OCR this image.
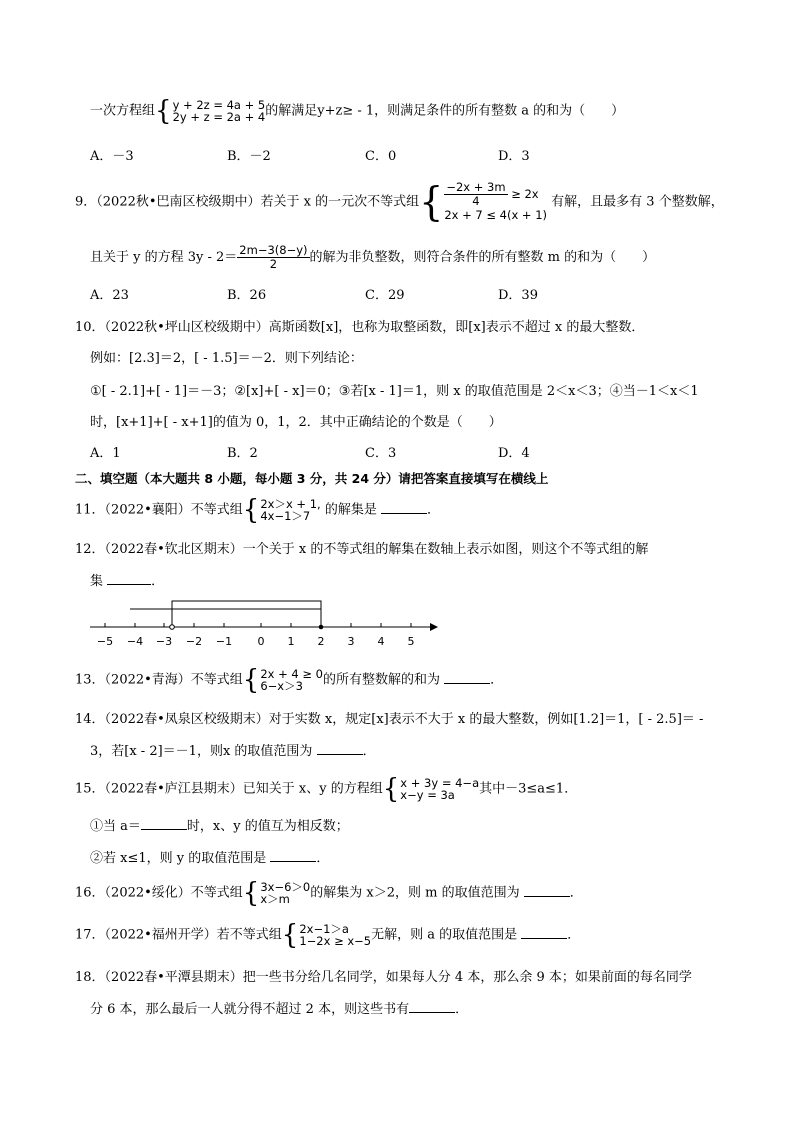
一次方程组 { y + 2z = 4a + 5
2y + z = 2a + 4 的解满足y+z≥ - 1，则满足条件的所有整数 a 的和为（　　）
A．－3	B．－2	C．0	D．3
9．（2022秋•巴南区校级期中）若关于 x 的一元次不等式组 { $\frac{-2x + 3m}{4} \ge 2x$
2x + 7 ≤ 4(x + 1)
有解，且最多有 3 个整数解，
且关于 y 的方程 $3y - 2= \frac{2m-3(8-y)}{2}$ 的解为非负整数，则符合条件的所有整数 m 的和为（　　）
A．23	B．26	C．29	D．39
10．（2022秋•坪山区校级期中）高斯函数[x]，也称为取整函数，即[x]表示不超过 x 的最大整数．
例如：[2.3]＝2，[ - 1.5]＝－2．则下列结论：
①[ - 2.1]+[ - 1]＝－3；②[x]+[ - x]＝0；③若[x - 1]＝1，则 x 的取值范围是 2＜x＜3；④当－1＜x＜1
时，[x+1]+[ - x+1]的值为 0，1，2．其中正确结论的个数是（　　）
A．1	B．2	C．3	D．4
二、填空题（本大题共 8 小题，每小题 3 分，共 24 分）请把答案直接填写在横线上
11．（2022•襄阳）不等式组 { 2x＞x + 1,
4x−1＞7	的解集是	．
12．（2022春•钦北区期末）一个关于 x 的不等式组的解集在数轴上表示如图，则这个不等式组的解
集	．
−5 −4 −3 −2 −1 0 1 2 3 4 5
13．（2022•青海）不等式组 { 2x + 4 ≥ 0
6−x＞3	的所有整数解的和为	．
14．（2022春•凤泉区校级期末）对于实数 x，规定[x]表示不大于 x 的最大整数，例如[1.2]＝1，[ - 2.5]＝ -
3，若[x - 2]＝－1，则x 的取值范围为	．
15．（2022春•庐江县期末）已知关于 x、y 的方程组 { x + 3y = 4−a
x−y = 3a	其中－3≤a≤1．
①当 a＝	时，x、y 的值互为相反数；
②若 x≤1，则 y 的取值范围是	．
16．（2022•绥化）不等式组 { 3x−6＞0
x＞m	的解集为 x＞2，则 m 的取值范围为	．
17．（2022•福州开学）若不等式组 { 2x−1＞a
1−2x ≥ x−5 无解，则 a 的取值范围是	．
18．（2022春•平潭县期末）把一些书分给几名同学，如果每人分 4 本，那么余 9 本；如果前面的每名同学
分 6 本，那么最后一人就分得不超过 2 本，则这些书有	．
